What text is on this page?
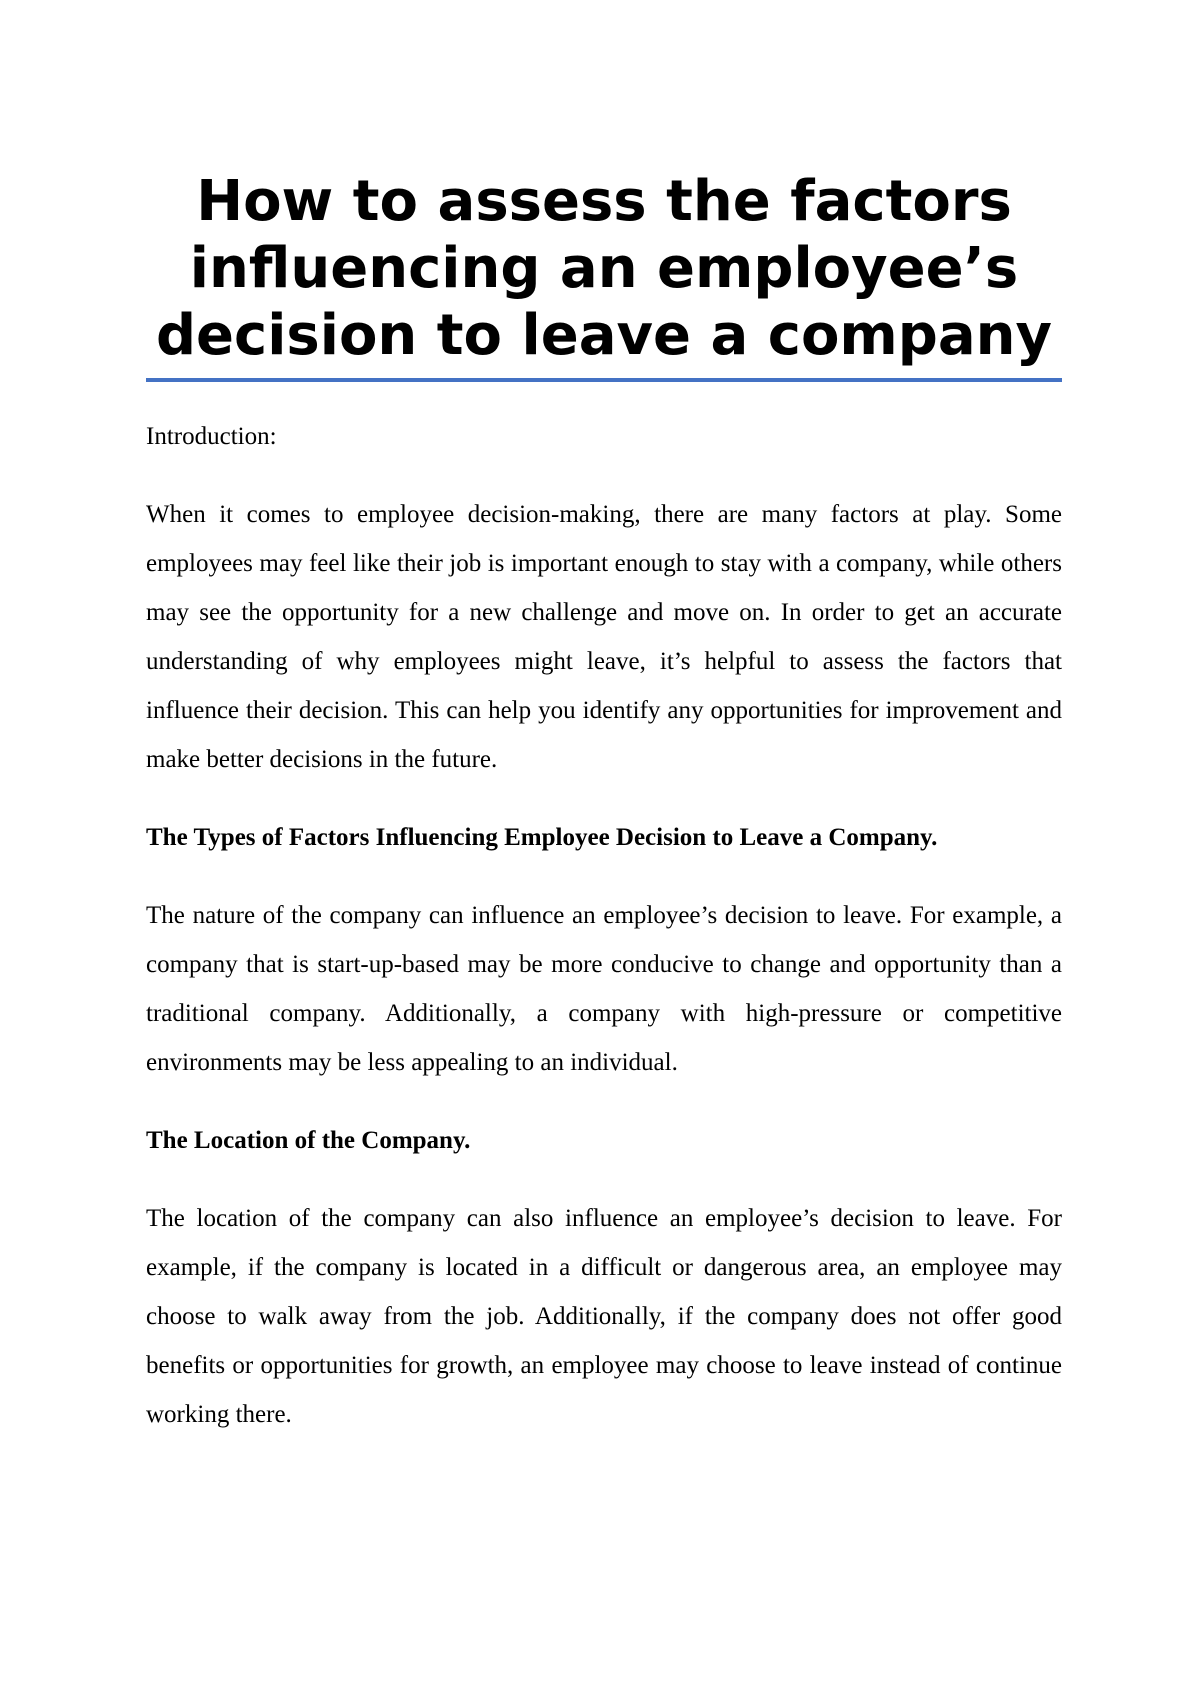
How to assess the factors influencing an employee’s decision to leave a company

Introduction:

When it comes to employee decision-making, there are many factors at play. Some employees may feel like their job is important enough to stay with a company, while others may see the opportunity for a new challenge and move on. In order to get an accurate understanding of why employees might leave, it’s helpful to assess the factors that influence their decision. This can help you identify any opportunities for improvement and make better decisions in the future.

The Types of Factors Influencing Employee Decision to Leave a Company.

The nature of the company can influence an employee’s decision to leave. For example, a company that is start-up-based may be more conducive to change and opportunity than a traditional company. Additionally, a company with high-pressure or competitive environments may be less appealing to an individual.

The Location of the Company.

The location of the company can also influence an employee’s decision to leave. For example, if the company is located in a difficult or dangerous area, an employee may choose to walk away from the job. Additionally, if the company does not offer good benefits or opportunities for growth, an employee may choose to leave instead of continue working there.
